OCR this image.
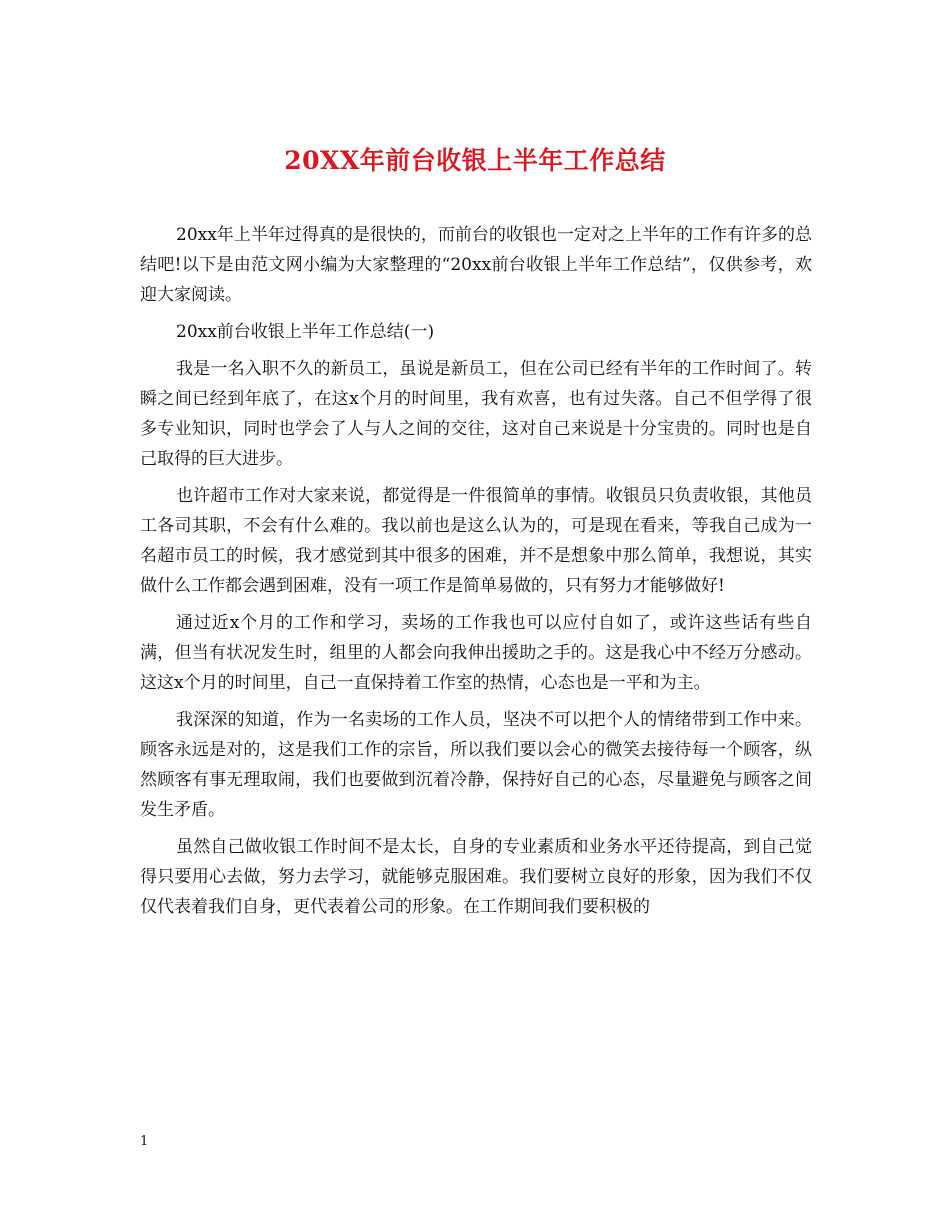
20XX年前台收银上半年工作总结

20xx年上半年过得真的是很快的，而前台的收银也一定对之上半年的工作有许多的总结吧!以下是由范文网小编为大家整理的“20xx前台收银上半年工作总结”，仅供参考，欢迎大家阅读。

20xx前台收银上半年工作总结(一)

我是一名入职不久的新员工，虽说是新员工，但在公司已经有半年的工作时间了。转瞬之间已经到年底了，在这x个月的时间里，我有欢喜，也有过失落。自己不但学得了很多专业知识，同时也学会了人与人之间的交往，这对自己来说是十分宝贵的。同时也是自己取得的巨大进步。

也许超市工作对大家来说，都觉得是一件很简单的事情。收银员只负责收银，其他员工各司其职，不会有什么难的。我以前也是这么认为的，可是现在看来，等我自己成为一名超市员工的时候，我才感觉到其中很多的困难，并不是想象中那么简单，我想说，其实做什么工作都会遇到困难，没有一项工作是简单易做的，只有努力才能够做好!

通过近x个月的工作和学习，卖场的工作我也可以应付自如了，或许这些话有些自满，但当有状况发生时，组里的人都会向我伸出援助之手的。这是我心中不经万分感动。这这x个月的时间里，自己一直保持着工作室的热情，心态也是一平和为主。

我深深的知道，作为一名卖场的工作人员，坚决不可以把个人的情绪带到工作中来。顾客永远是对的，这是我们工作的宗旨，所以我们要以会心的微笑去接待每一个顾客，纵然顾客有事无理取闹，我们也要做到沉着冷静，保持好自己的心态，尽量避免与顾客之间发生矛盾。

虽然自己做收银工作时间不是太长，自身的专业素质和业务水平还待提高，到自己觉得只要用心去做，努力去学习，就能够克服困难。我们要树立良好的形象，因为我们不仅仅代表着我们自身，更代表着公司的形象。在工作期间我们要积极的

1
